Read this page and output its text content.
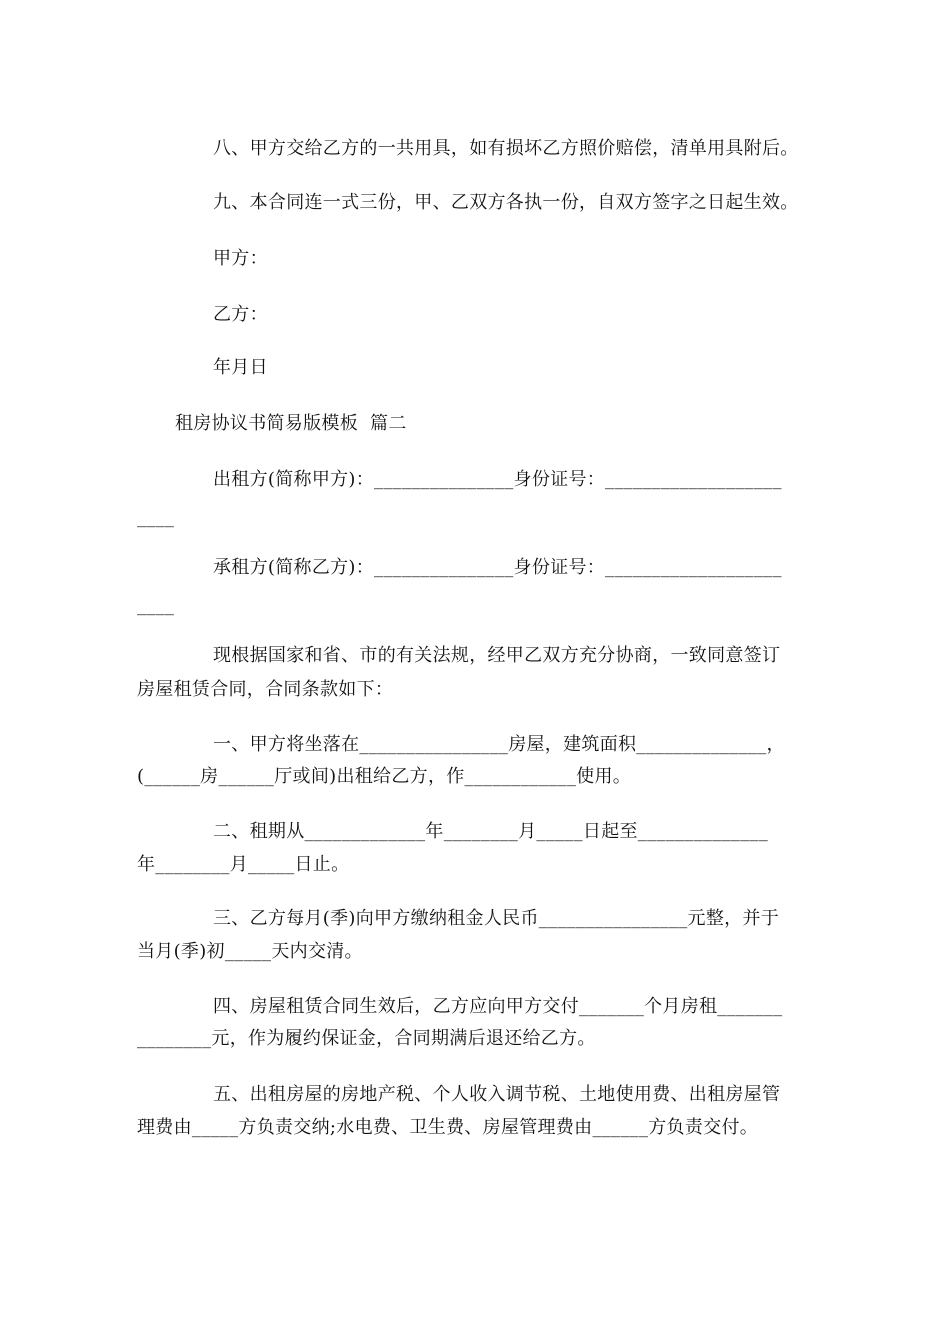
八、甲方交给乙方的一共用具，如有损坏乙方照价赔偿，清单用具附后。
九、本合同连一式三份，甲、乙双方各执一份，自双方签字之日起生效。
甲方：
乙方：
年月日
租房协议书简易版模板  篇二
出租方(简称甲方)：_______________身份证号：___________________
____
承租方(简称乙方)：_______________身份证号：___________________
____
现根据国家和省、市的有关法规，经甲乙双方充分协商，一致同意签订
房屋租赁合同，合同条款如下：
一、甲方将坐落在________________房屋，建筑面积______________，
(______房______厅或间)出租给乙方，作____________使用。
二、租期从_____________年________月_____日起至______________
年________月_____日止。
三、乙方每月(季)向甲方缴纳租金人民币________________元整，并于
当月(季)初_____天内交清。
四、房屋租赁合同生效后，乙方应向甲方交付_______个月房租_______
________元，作为履约保证金，合同期满后退还给乙方。
五、出租房屋的房地产税、个人收入调节税、土地使用费、出租房屋管
理费由_____方负责交纳;水电费、卫生费、房屋管理费由______方负责交付。
